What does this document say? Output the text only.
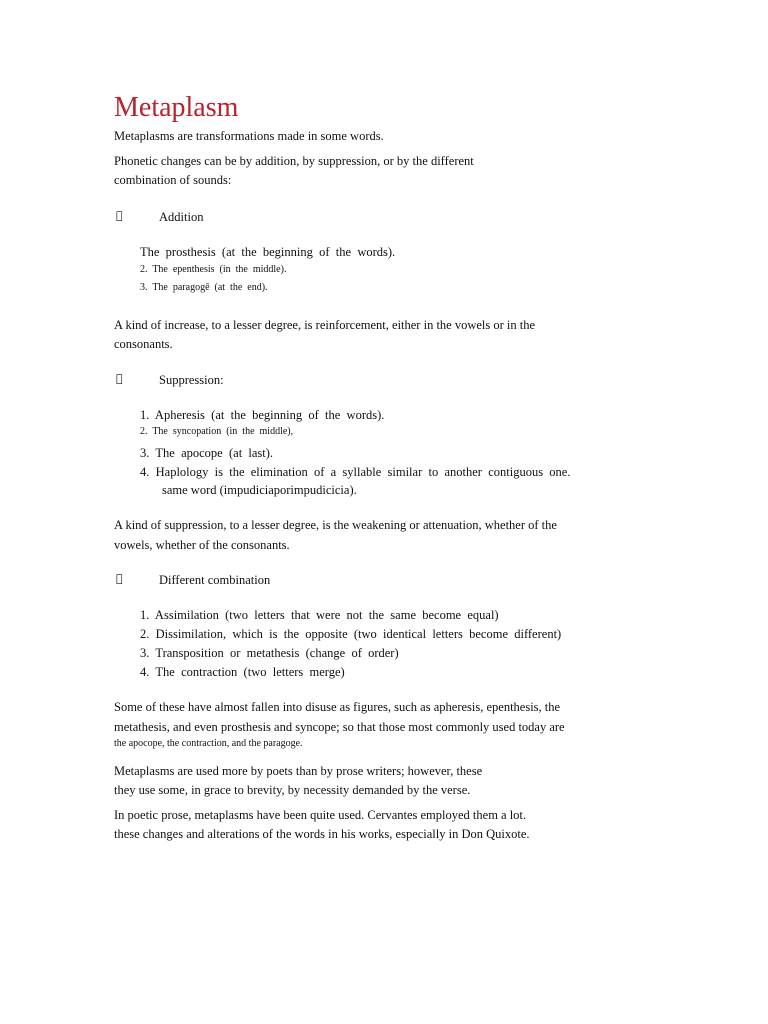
Metaplasm
Metaplasms are transformations made in some words.
Phonetic changes can be by addition, by suppression, or by the different
combination of sounds:
	Addition
The  prosthesis  (at  the  beginning  of  the  words).
2.  The  epenthesis  (in  the  middle).
3.  The  paragogē  (at  the  end).
A kind of increase, to a lesser degree, is reinforcement, either in the vowels or in the
consonants.
	Suppression:
1.  Apheresis  (at  the  beginning  of  the  words).
2.  The  syncopation  (in  the  middle),
3.  The  apocope  (at  last).
4.  Haplology  is  the  elimination  of  a  syllable  similar  to  another  contiguous  one.
same word (impudiciaporimpudicicia).
A kind of suppression, to a lesser degree, is the weakening or attenuation, whether of the
vowels, whether of the consonants.
	Different combination
1.  Assimilation  (two  letters  that  were  not  the  same  become  equal)
2.  Dissimilation,  which  is  the  opposite  (two  identical  letters  become  different)
3.  Transposition  or  metathesis  (change  of  order)
4.  The  contraction  (two  letters  merge)
Some of these have almost fallen into disuse as figures, such as apheresis, epenthesis, the
metathesis, and even prosthesis and syncope; so that those most commonly used today are
the apocope, the contraction, and the paragoge.
Metaplasms are used more by poets than by prose writers; however, these
they use some, in grace to brevity, by necessity demanded by the verse.
In poetic prose, metaplasms have been quite used. Cervantes employed them a lot.
these changes and alterations of the words in his works, especially in Don Quixote.
